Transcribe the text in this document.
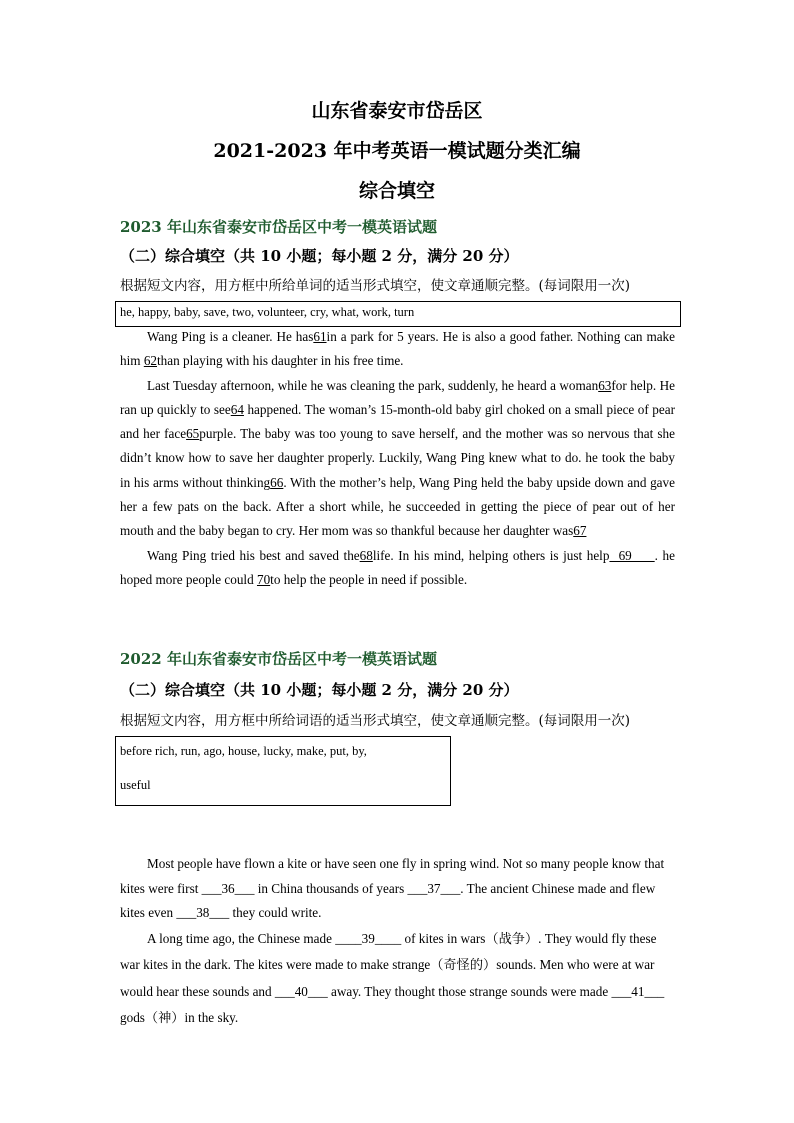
山东省泰安市岱岳区
2021-2023 年中考英语一模试题分类汇编
综合填空
2023 年山东省泰安市岱岳区中考一模英语试题
（二）综合填空（共 10 小题；每小题 2 分，满分 20 分）
根据短文内容，用方框中所给单词的适当形式填空，使文章通顺完整。(每词限用一次)
he, happy, baby, save, two, volunteer, cry, what, work, turn

Wang Ping is a cleaner. He has61in a park for 5 years. He is also a good father. Nothing can make him 62than playing with his daughter in his free time.

Last Tuesday afternoon, while he was cleaning the park, suddenly, he heard a woman63for help. He ran up quickly to see64 happened. The woman’s 15-month-old baby girl choked on a small piece of pear and her face65purple. The baby was too young to save herself, and the mother was so nervous that she didn’t know how to save her daughter properly. Luckily, Wang Ping knew what to do. he took the baby in his arms without thinking66. With the mother’s help, Wang Ping held the baby upside down and gave her a few pats on the back. After a short while, he succeeded in getting the piece of pear out of her mouth and the baby began to cry. Her mom was so thankful because her daughter was67

Wang Ping tried his best and saved the68life. In his mind, helping others is just help  69     . he hoped more people could 70to help the people in need if possible.

2022 年山东省泰安市岱岳区中考一模英语试题
（二）综合填空（共 10 小题；每小题 2 分，满分 20 分）
根据短文内容，用方框中所给词语的适当形式填空，使文章通顺完整。(每词限用一次)
before rich, run, ago, house, lucky, make, put, by,
useful

Most people have flown a kite or have seen one fly in spring wind. Not so many people know that kites were first ___36___ in China thousands of years ___37___. The ancient Chinese made and flew kites even ___38___ they could write.

A long time ago, the Chinese made ____39____ of kites in wars（战争）. They would fly these war kites in the dark. The kites were made to make strange（奇怪的）sounds. Men who were at war would hear these sounds and ___40___ away. They thought those strange sounds were made ___41___ gods（神）in the sky.
